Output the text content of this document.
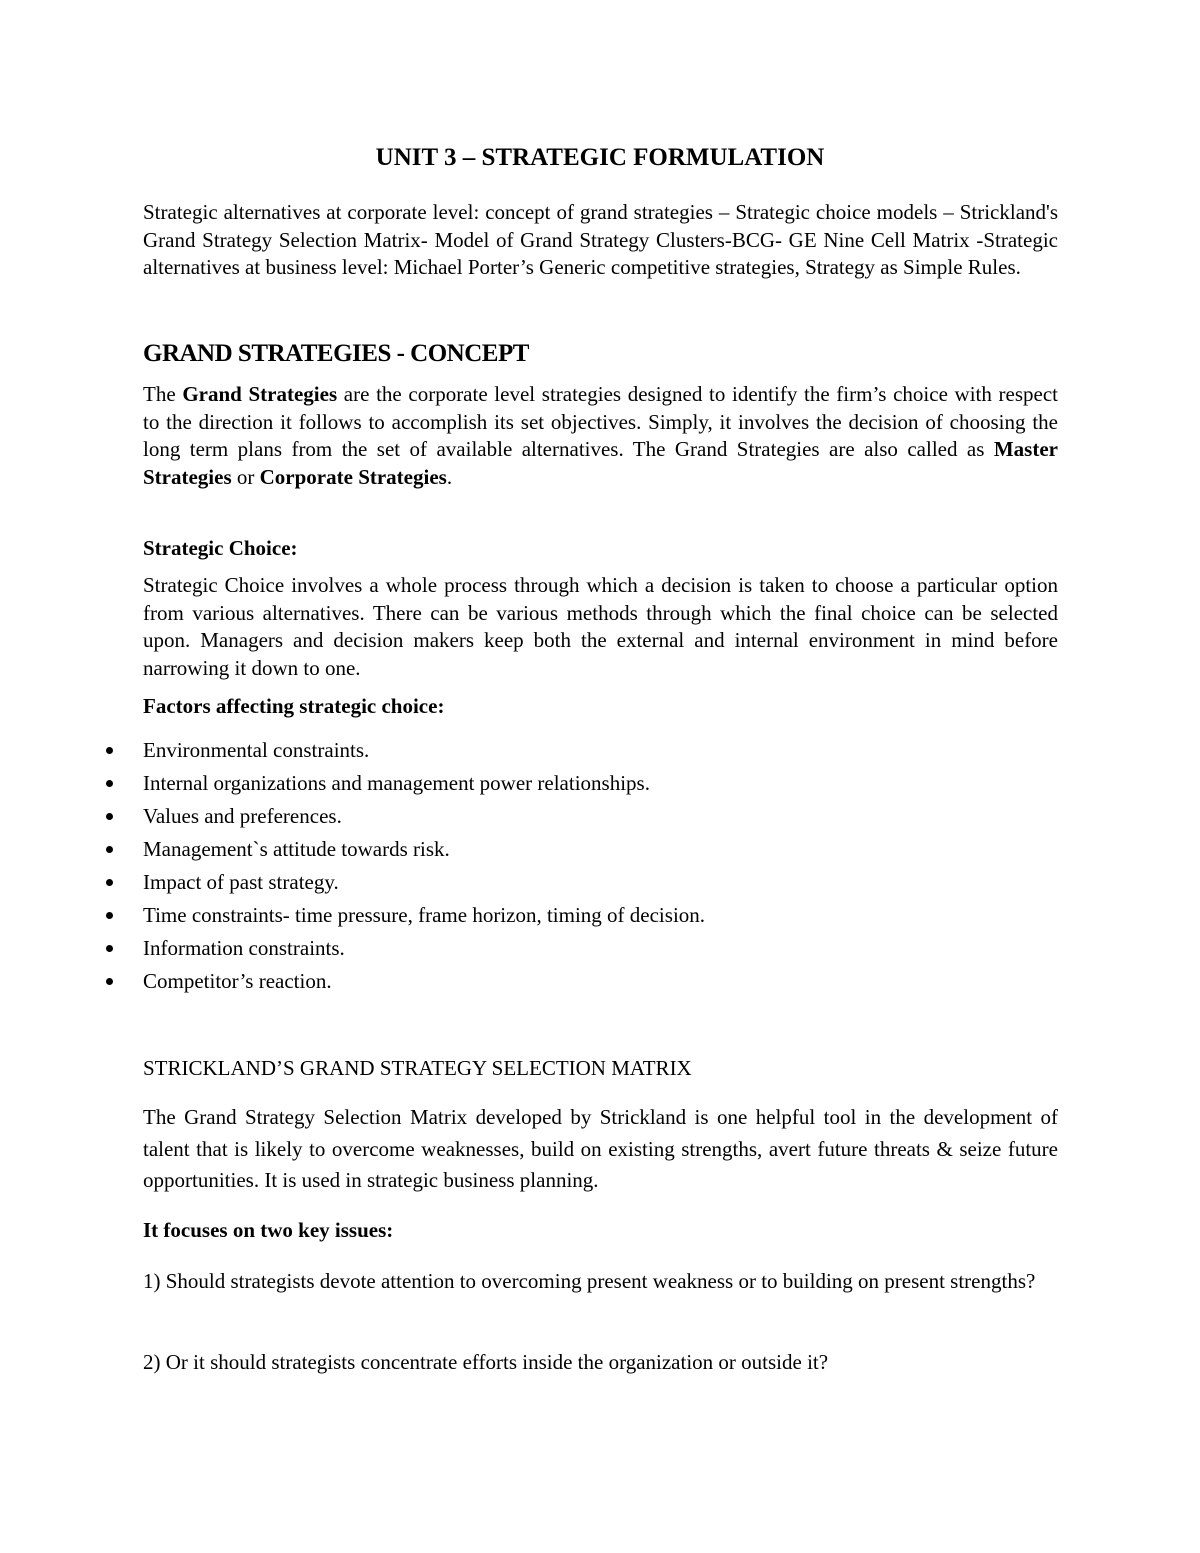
UNIT 3 – STRATEGIC FORMULATION
Strategic alternatives at corporate level: concept of grand strategies – Strategic choice models – Strickland's Grand Strategy Selection Matrix- Model of Grand Strategy Clusters-BCG- GE Nine Cell Matrix -Strategic alternatives at business level: Michael Porter’s Generic competitive strategies, Strategy as Simple Rules.
GRAND STRATEGIES - CONCEPT
The Grand Strategies are the corporate level strategies designed to identify the firm’s choice with respect to the direction it follows to accomplish its set objectives. Simply, it involves the decision of choosing the long term plans from the set of available alternatives. The Grand Strategies are also called as Master Strategies or Corporate Strategies.
Strategic Choice:
Strategic Choice involves a whole process through which a decision is taken to choose a particular option from various alternatives. There can be various methods through which the final choice can be selected upon. Managers and decision makers keep both the external and internal environment in mind before narrowing it down to one.
Factors affecting strategic choice:
Environmental constraints.
Internal organizations and management power relationships.
Values and preferences.
Management`s attitude towards risk.
Impact of past strategy.
Time constraints- time pressure, frame horizon, timing of decision.
Information constraints.
Competitor’s reaction.
STRICKLAND’S GRAND STRATEGY SELECTION MATRIX
The Grand Strategy Selection Matrix developed by Strickland is one helpful tool in the development of talent that is likely to overcome weaknesses, build on existing strengths, avert future threats & seize future opportunities. It is used in strategic business planning.
It focuses on two key issues:
1) Should strategists devote attention to overcoming present weakness or to building on present strengths?
2) Or it should strategists concentrate efforts inside the organization or outside it?
